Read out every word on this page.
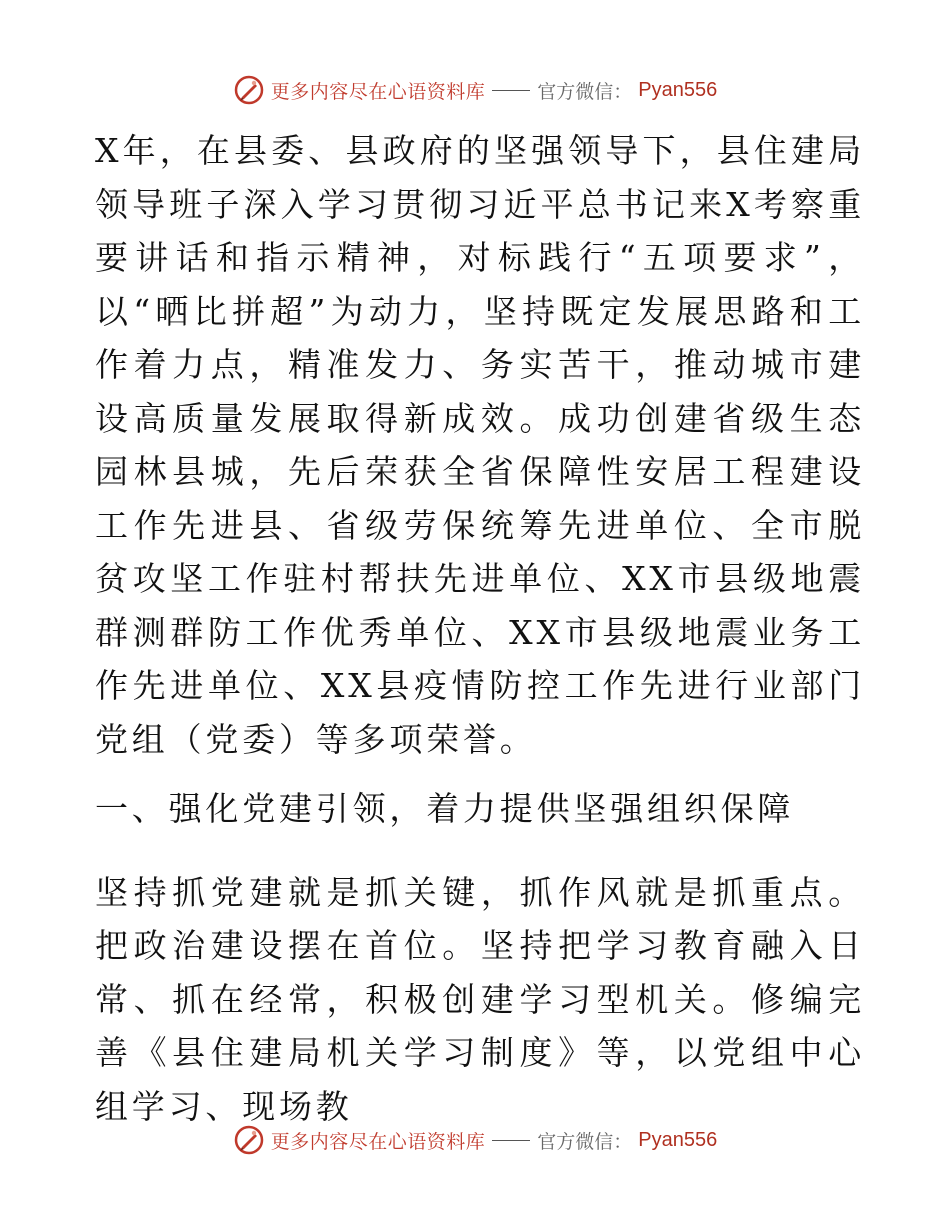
更多内容尽在心语资料库	官方微信： Pyan556

X年，在县委、县政府的坚强领导下，县住建局领导班子深入学习贯彻习近平总书记来X考察重要讲话和指示精神，对标践行“五项要求”，以“晒比拼超”为动力，坚持既定发展思路和工作着力点，精准发力、务实苦干，推动城市建设高质量发展取得新成效。成功创建省级生态园林县城，先后荣获全省保障性安居工程建设工作先进县、省级劳保统筹先进单位、全市脱贫攻坚工作驻村帮扶先进单位、XX市县级地震群测群防工作优秀单位、XX市县级地震业务工作先进单位、XX县疫情防控工作先进行业部门党组（党委）等多项荣誉。

一、强化党建引领，着力提供坚强组织保障

坚持抓党建就是抓关键，抓作风就是抓重点。把政治建设摆在首位。坚持把学习教育融入日常、抓在经常，积极创建学习型机关。修编完善《县住建局机关学习制度》等，以党组中心组学习、现场教

更多内容尽在心语资料库	官方微信： Pyan556
